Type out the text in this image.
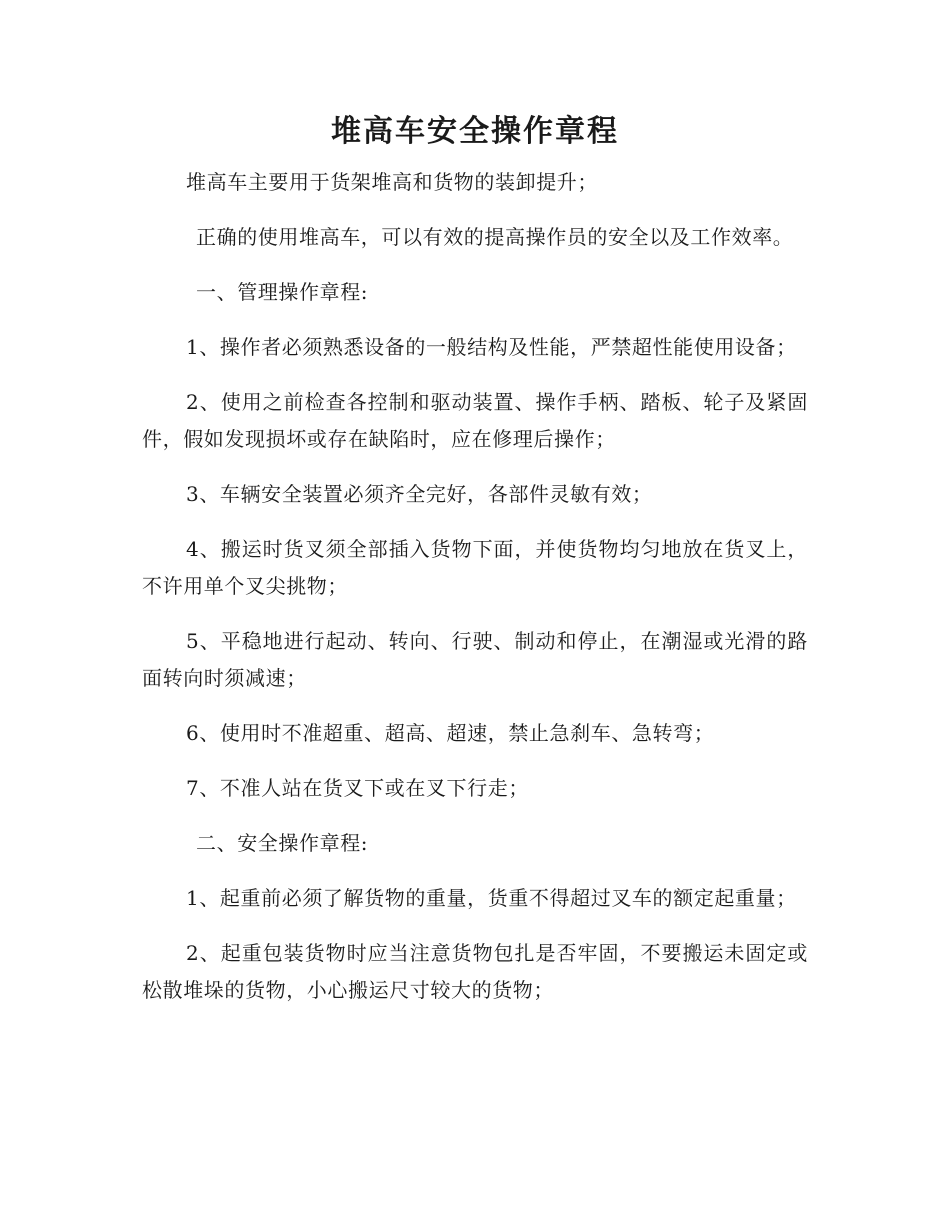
堆高车安全操作章程

堆高车主要用于货架堆高和货物的装卸提升；

正确的使用堆高车，可以有效的提高操作员的安全以及工作效率。

一、管理操作章程:

1、操作者必须熟悉设备的一般结构及性能，严禁超性能使用设备；

2、使用之前检查各控制和驱动装置、操作手柄、踏板、轮子及紧固件，假如发现损坏或存在缺陷时，应在修理后操作；

3、车辆安全装置必须齐全完好，各部件灵敏有效；

4、搬运时货叉须全部插入货物下面，并使货物均匀地放在货叉上，不许用单个叉尖挑物；

5、平稳地进行起动、转向、行驶、制动和停止，在潮湿或光滑的路面转向时须减速；

6、使用时不准超重、超高、超速，禁止急刹车、急转弯；

7、不准人站在货叉下或在叉下行走；

二、安全操作章程:

1、起重前必须了解货物的重量，货重不得超过叉车的额定起重量；

2、起重包装货物时应当注意货物包扎是否牢固，不要搬运未固定或松散堆垛的货物，小心搬运尺寸较大的货物；
